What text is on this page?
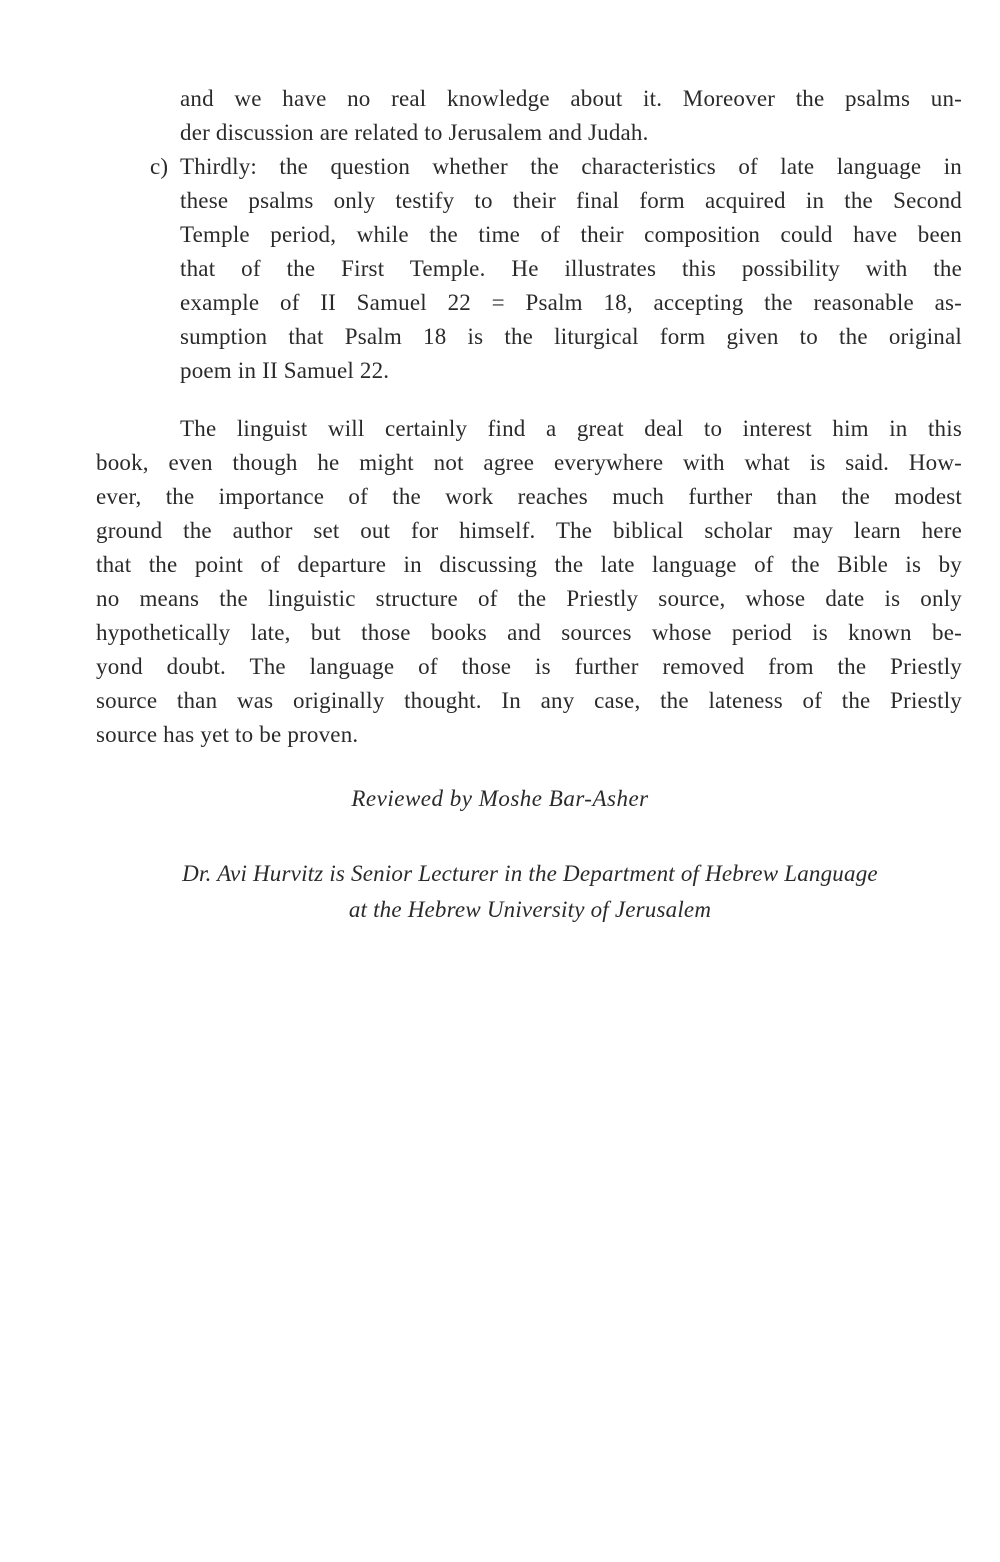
and we have no real knowledge about it. Moreover the psalms un-
der discussion are related to Jerusalem and Judah.
c) Thirdly: the question whether the characteristics of late language in
these psalms only testify to their final form acquired in the Second
Temple period, while the time of their composition could have been
that of the First Temple. He illustrates this possibility with the
example of II Samuel 22 = Psalm 18, accepting the reasonable as-
sumption that Psalm 18 is the liturgical form given to the original
poem in II Samuel 22.
The linguist will certainly find a great deal to interest him in this
book, even though he might not agree everywhere with what is said. How-
ever, the importance of the work reaches much further than the modest
ground the author set out for himself. The biblical scholar may learn here
that the point of departure in discussing the late language of the Bible is by
no means the linguistic structure of the Priestly source, whose date is only
hypothetically late, but those books and sources whose period is known be-
yond doubt. The language of those is further removed from the Priestly
source than was originally thought. In any case, the lateness of the Priestly
source has yet to be proven.
Reviewed by Moshe Bar-Asher
Dr. Avi Hurvitz is Senior Lecturer in the Department of Hebrew Language
at the Hebrew University of Jerusalem
